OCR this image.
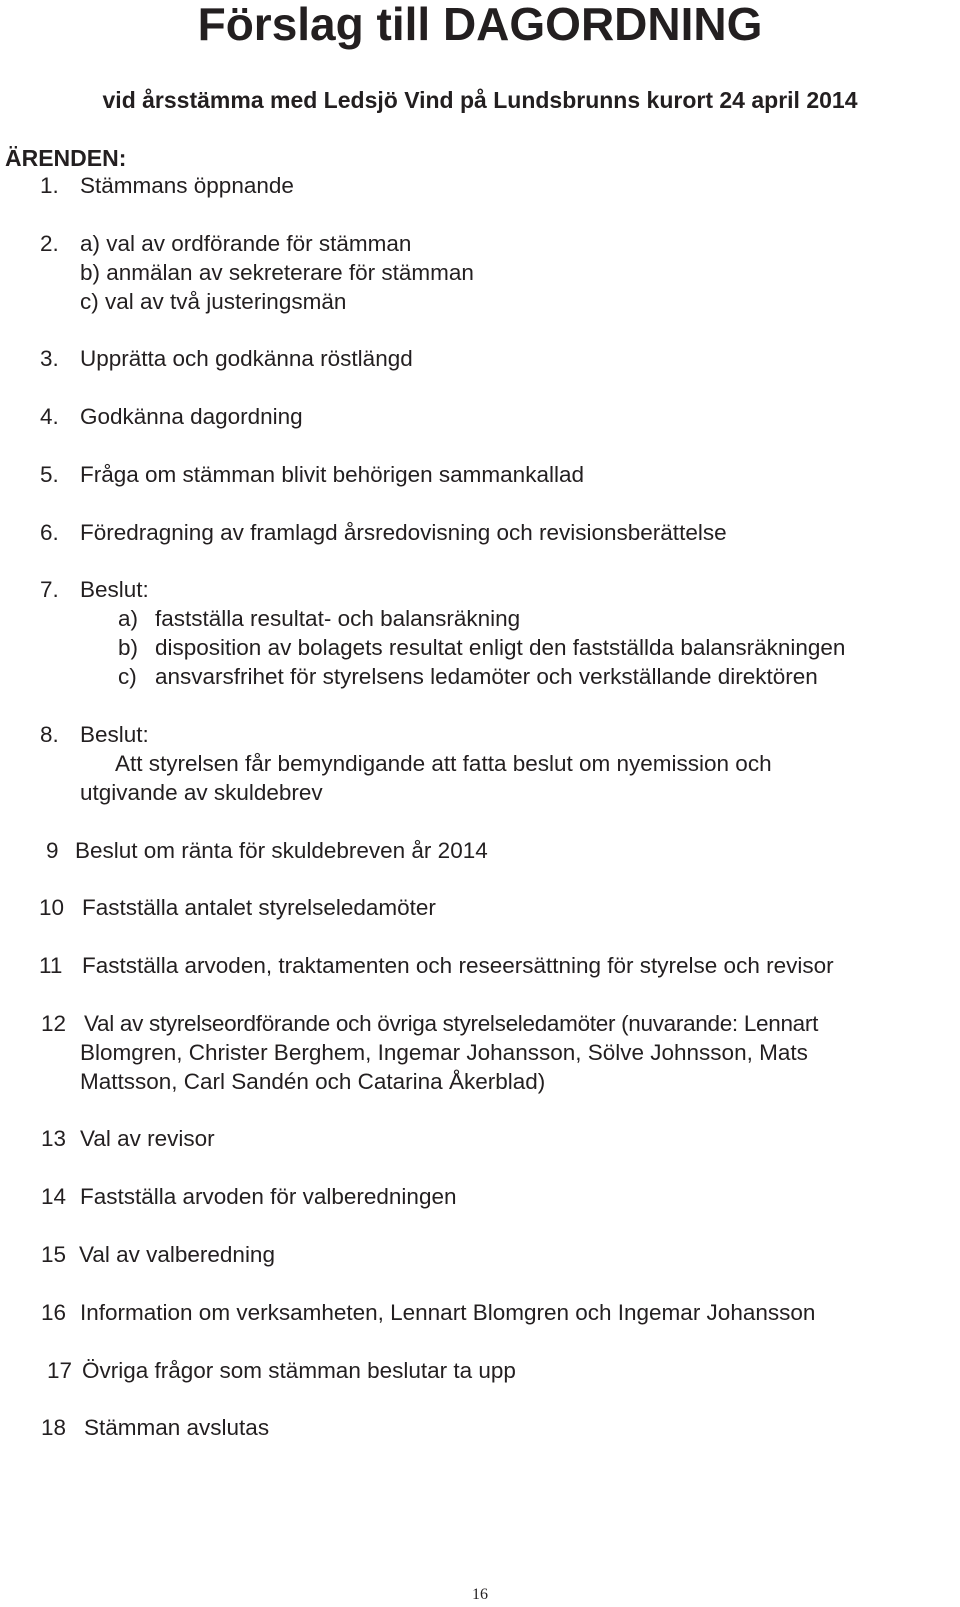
Förslag till DAGORDNING
vid årsstämma med Ledsjö Vind på Lundsbrunns kurort 24 april 2014
ÄRENDEN:
1. Stämmans öppnande
2. a) val av ordförande för stämman
b) anmälan av sekreterare för stämman
c) val av två justeringsmän
3. Upprätta och godkänna röstlängd
4. Godkänna dagordning
5. Fråga om stämman blivit behörigen sammankallad
6. Föredragning av framlagd årsredovisning och revisionsberättelse
7. Beslut:
a) fastställa resultat- och balansräkning
b) disposition av bolagets resultat enligt den fastställda balansräkningen
c) ansvarsfrihet för styrelsens ledamöter och verkställande direktören
8. Beslut:
Att styrelsen får bemyndigande att fatta beslut om nyemission och
utgivande av skuldebrev
9 Beslut om ränta för skuldebreven år 2014
10 Fastställa antalet styrelseledamöter
11 Fastställa arvoden, traktamenten och reseersättning för styrelse och revisor
12 Val av styrelseordförande och övriga styrelseledamöter (nuvarande: Lennart
Blomgren, Christer Berghem, Ingemar Johansson, Sölve Johnsson, Mats
Mattsson, Carl Sandén och Catarina Åkerblad)
13 Val av revisor
14 Fastställa arvoden för valberedningen
15 Val av valberedning
16 Information om verksamheten, Lennart Blomgren och Ingemar Johansson
17 Övriga frågor som stämman beslutar ta upp
18 Stämman avslutas
16
